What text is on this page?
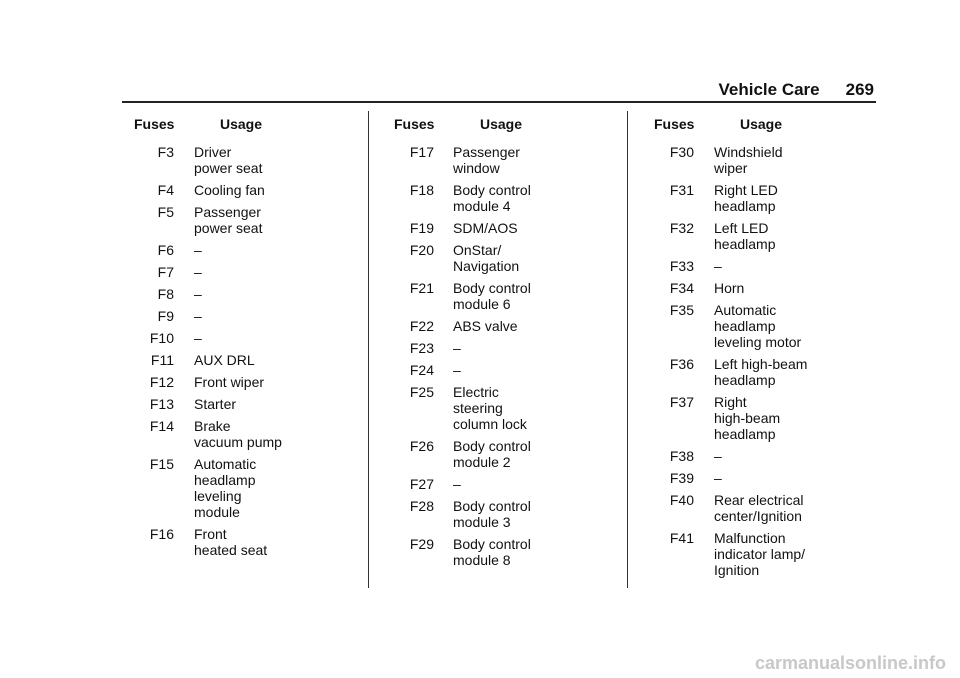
Vehicle Care 269
Fuses	Usage
F3 Driver
power seat
F4 Cooling fan
F5 Passenger
power seat
F6 –
F7 –
F8 –
F9 –
F10 –
F11 AUX DRL
F12 Front wiper
F13 Starter
F14 Brake
vacuum pump
F15 Automatic
headlamp
leveling
module
F16 Front
heated seat
Fuses	Usage
F17 Passenger
window
F18 Body control
module 4
F19 SDM/AOS
F20 OnStar/
Navigation
F21 Body control
module 6
F22 ABS valve
F23 –
F24 –
F25 Electric
steering
column lock
F26 Body control
module 2
F27 –
F28 Body control
module 3
F29 Body control
module 8
Fuses	Usage
F30 Windshield
wiper
F31 Right LED
headlamp
F32 Left LED
headlamp
F33 –
F34 Horn
F35 Automatic
headlamp
leveling motor
F36 Left high-beam
headlamp
F37 Right
high-beam
headlamp
F38 –
F39 –
F40 Rear electrical
center/Ignition
F41 Malfunction
indicator lamp/
Ignition
carmanualsonline.info
